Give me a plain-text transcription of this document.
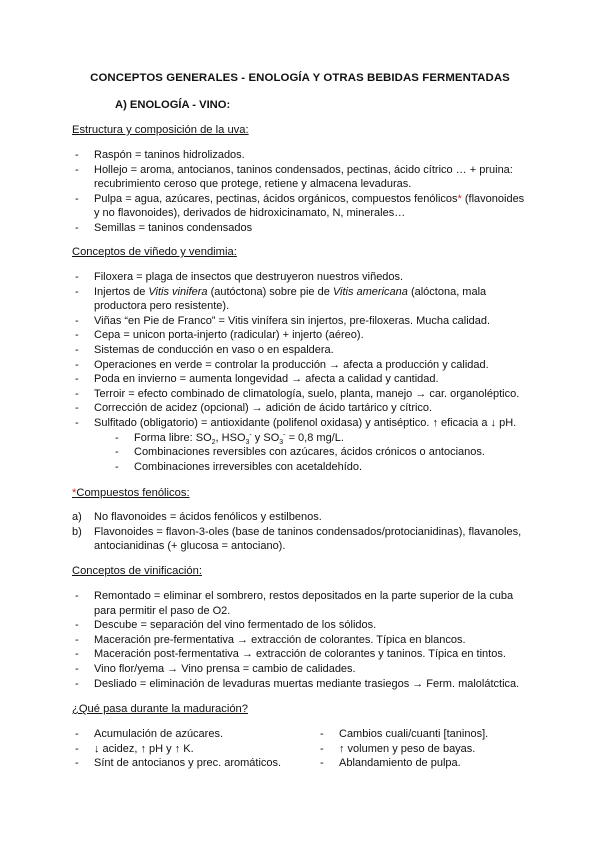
CONCEPTOS GENERALES - ENOLOGÍA Y OTRAS BEBIDAS FERMENTADAS
A) ENOLOGÍA - VINO:
Estructura y composición de la uva:
- Raspón = taninos hidrolizados.
- Hollejo = aroma, antocianos, taninos condensados, pectinas, ácido cítrico … + pruina: recubrimiento ceroso que protege, retiene y almacena levaduras.
- Pulpa = agua, azúcares, pectinas, ácidos orgánicos, compuestos fenólicos* (flavonoides y no flavonoides), derivados de hidroxicinamato, N, minerales…
- Semillas = taninos condensados
Conceptos de viñedo y vendimia:
- Filoxera = plaga de insectos que destruyeron nuestros viñedos.
- Injertos de Vitis vinifera (autóctona) sobre pie de Vitis americana (alóctona, mala productora pero resistente).
- Viñas “en Pie de Franco” = Vitis vinífera sin injertos, pre-filoxeras. Mucha calidad.
- Cepa = unicon porta-injerto (radicular) + injerto (aéreo).
- Sistemas de conducción en vaso o en espaldera.
- Operaciones en verde = controlar la producción → afecta a producción y calidad.
- Poda en invierno = aumenta longevidad → afecta a calidad y cantidad.
- Terroir = efecto combinado de climatología, suelo, planta, manejo → car. organoléptico.
- Corrección de acidez (opcional) → adición de ácido tartárico y cítrico.
- Sulfitado (obligatorio) = antioxidante (polifenol oxidasa) y antiséptico. ↑ eficacia a ↓ pH.
- Forma libre: $SO_2$, $HSO_3^-$ y $SO_3^- = 0,8$ mg/L.
- Combinaciones reversibles con azúcares, ácidos crónicos o antocianos.
- Combinaciones irreversibles con acetaldehído.
*Compuestos fenólicos:
a) No flavonoides = ácidos fenólicos y estilbenos.
b) Flavonoides = flavon-3-oles (base de taninos condensados/protocianidinas), flavanoles, antocianidinas (+ glucosa = antociano).
Conceptos de vinificación:
- Remontado = eliminar el sombrero, restos depositados en la parte superior de la cuba para permitir el paso de O2.
- Descube = separación del vino fermentado de los sólidos.
- Maceración pre-fermentativa → extracción de colorantes. Típica en blancos.
- Maceración post-fermentativa → extracción de colorantes y taninos. Típica en tintos.
- Vino flor/yema → Vino prensa = cambio de calidades.
- Desliado = eliminación de levaduras muertas mediante trasiegos → Ferm. malolátctica.
¿Qué pasa durante la maduración?
- Acumulación de azúcares.
- ↓ acidez, ↑ pH y ↑ K.
- Sínt de antocianos y prec. aromáticos.
- Cambios cuali/cuanti [taninos].
- ↑ volumen y peso de bayas.
- Ablandamiento de pulpa.
